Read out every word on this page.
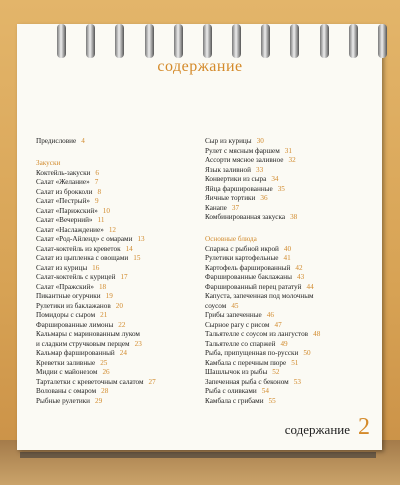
содержание
Предисловие 4
Закуски
Коктейль-закуски 6
Салат «Желание» 7
Салат из брокколи 8
Салат «Пестрый» 9
Салат «Парижский» 10
Салат «Вечерний» 11
Салат «Наслаждение» 12
Салат «Род-Айленд» с омарами 13
Салат-коктейль из креветок 14
Салат из цыпленка с овощами 15
Салат из курицы 16
Салат-коктейль с курицей 17
Салат «Пражский» 18
Пикантные огурчики 19
Рулетики из баклажанов 20
Помидоры с сыром 21
Фаршированные лимоны 22
Кальмары с маринованным луком
и сладким стручковым перцем 23
Кальмар фаршированный 24
Креветки заливные 25
Мидии с майонезом 26
Тарталетки с креветочным салатом 27
Волованы с омаром 28
Рыбные рулетики 29
Сыр из курицы 30
Рулет с мясным фаршем 31
Ассорти мясное заливное 32
Язык заливной 33
Конвертики из сыра 34
Яйца фаршированные 35
Яичные тортики 36
Канапе 37
Комбинированная закуска 38
Основные блюда
Спаржа с рыбной икрой 40
Рулетики картофельные 41
Картофель фаршированный 42
Фаршированные баклажаны 43
Фаршированный перец рататуй 44
Капуста, запеченная под молочным
соусом 45
Грибы запеченные 46
Сырное рагу с рисом 47
Тальятелле с соусом из лангустов 48
Тальятелле со спаржей 49
Рыба, припущенная по-русски 50
Камбала с перечным пюре 51
Шашлычок из рыбы 52
Запеченная рыба с беконом 53
Рыба с оливками 54
Камбала с грибами 55
содержание 2
